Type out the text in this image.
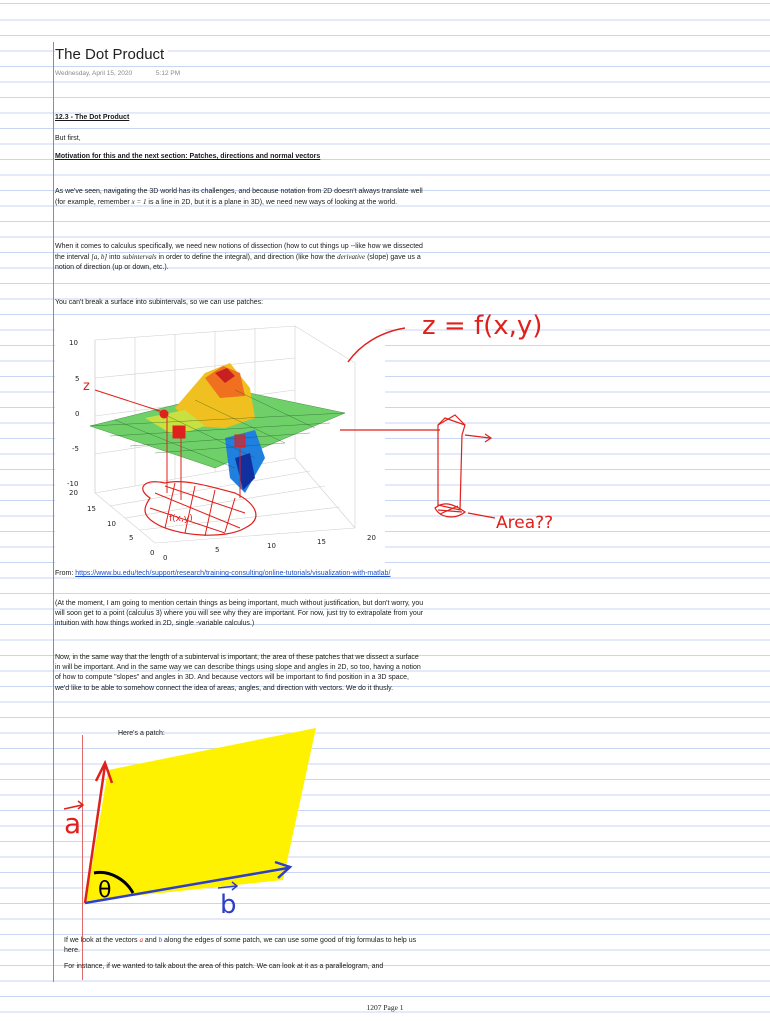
The Dot Product
Wednesday, April 15, 2020	5:12 PM
12.3 - The Dot Product
But first,
Motivation for this and the next section: Patches, directions and normal vectors
As we've seen, navigating the 3D world has its challenges, and because notation from 2D doesn't always translate well (for example, remember x = 1 is a line in 2D, but it is a plane in 3D), we need new ways of looking at the world.
When it comes to calculus specifically, we need new notions of dissection (how to cut things up --like how we dissected the interval [a, b] into subintervals in order to define the integral), and direction (like how the derivative (slope) gave us a notion of direction (up or down, etc.).
You can't break a surface into subintervals, so we can use patches:
10
5
0
-5
-10
0
5	10	15	20
20
15
10
5
0
z
f(x,y)
z = f(x,y)
Area??
From: https://www.bu.edu/tech/support/research/training-consulting/online-tutorials/visualization-with-matlab/
(At the moment, I am going to mention certain things as being important, much without justification, but don't worry, you will soon get to a point (calculus 3) where you will see why they are important. For now, just try to extrapolate from your intuition with how things worked in 2D, single -variable calculus.)
Now, in the same way that the length of a subinterval is important, the area of these patches that we dissect a surface in will be important. And in the same way we can describe things using slope and angles in 2D, so too, having a notion of how to compute "slopes" and angles in 3D. And because vectors will be important to find position in a 3D space, we'd like to be able to somehow connect the idea of areas, angles, and direction with vectors. We do it thusly.
Here's a patch:
θ
a
b
If we look at the vectors a and b along the edges of some patch, we can use some good of trig formulas to help us here.
For instance, if we wanted to talk about the area of this patch. We can look at it as a parallelogram, and
1207 Page 1
